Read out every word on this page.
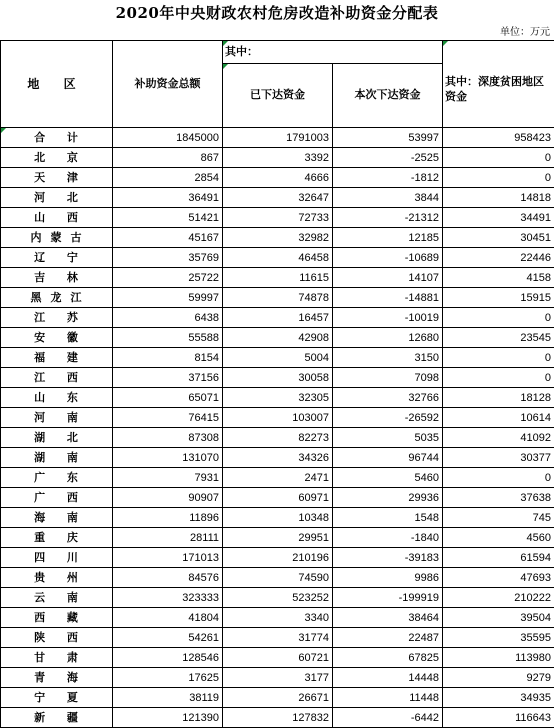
2020年中央财政农村危房改造补助资金分配表
单位：万元
地 区	补助资金总额	其中：		其中：深度贫困地区资金
		已下达资金	本次下达资金	
合 计	1845000	1791003	53997	958423
北 京	867	3392	-2525	0
天 津	2854	4666	-1812	0
河 北	36491	32647	3844	14818
山 西	51421	72733	-21312	34491
内蒙古	45167	32982	12185	30451
辽 宁	35769	46458	-10689	22446
吉 林	25722	11615	14107	4158
黑龙江	59997	74878	-14881	15915
江 苏	6438	16457	-10019	0
安 徽	55588	42908	12680	23545
福 建	8154	5004	3150	0
江 西	37156	30058	7098	0
山 东	65071	32305	32766	18128
河 南	76415	103007	-26592	10614
湖 北	87308	82273	5035	41092
湖 南	131070	34326	96744	30377
广 东	7931	2471	5460	0
广 西	90907	60971	29936	37638
海 南	11896	10348	1548	745
重 庆	28111	29951	-1840	4560
四 川	171013	210196	-39183	61594
贵 州	84576	74590	9986	47693
云 南	323333	523252	-199919	210222
西 藏	41804	3340	38464	39504
陕 西	54261	31774	22487	35595
甘 肃	128546	60721	67825	113980
青 海	17625	3177	14448	9279
宁 夏	38119	26671	11448	34935
新 疆	121390	127832	-6442	116643
